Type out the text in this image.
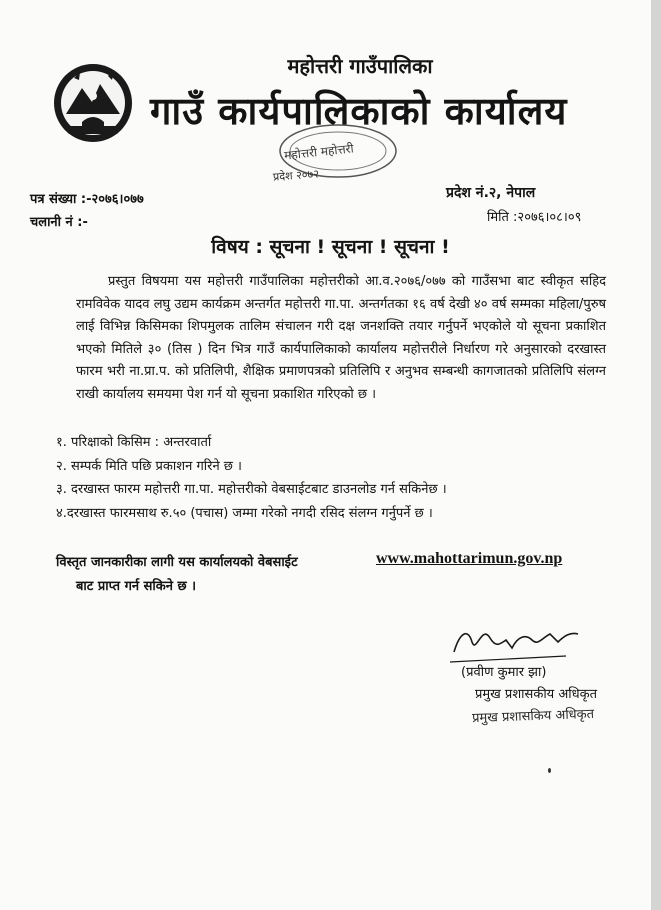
महोत्तरी गाउँपालिका
गाउँ कार्यपालिकाको कार्यालय
महोत्तरी महोत्तरी
प्रदेश २०७२
पत्र संख्या :-२०७६।०७७
चलानी नं :-
प्रदेश नं.२, नेपाल
मिति :२०७६।०८।०९
विषय : सूचना ! सूचना ! सूचना !
प्रस्तुत विषयमा यस महोत्तरी गाउँपालिका महोत्तरीको आ.व.२०७६/०७७ को गाउँसभा बाट स्वीकृत सहिद रामविवेक यादव लघु उद्यम कार्यक्रम अन्तर्गत महोत्तरी गा.पा. अन्तर्गतका १६ वर्ष देखी ४० वर्ष सम्मका महिला/पुरुष लाई विभिन्न किसिमका शिपमुलक तालिम संचालन गरी दक्ष जनशक्ति तयार गर्नुपर्ने भएकोले यो सूचना प्रकाशित भएको मितिले ३० (तिस ) दिन भित्र गाउँ कार्यपालिकाको कार्यालय महोत्तरीले निर्धारण गरे अनुसारको दरखास्त फारम भरी ना.प्रा.प. को प्रतिलिपी, शैक्षिक प्रमाणपत्रको प्रतिलिपि र अनुभव सम्बन्धी कागजातको प्रतिलिपि संलग्न राखी कार्यालय समयमा पेश गर्न यो सूचना प्रकाशित गरिएको छ ।
१. परिक्षाको किसिम : अन्तरवार्ता
२. सम्पर्क मिति पछि प्रकाशन गरिने छ ।
३. दरखास्त फारम महोत्तरी गा.पा. महोत्तरीको वेबसाईटबाट डाउनलोड गर्न सकिनेछ ।
४.दरखास्त फारमसाथ रु.५० (पचास) जम्मा गरेको नगदी रसिद संलग्न गर्नुपर्ने छ ।
विस्तृत जानकारीका लागी यस कार्यालयको वेबसाईट	www.mahottarimun.gov.np
बाट प्राप्त गर्न सकिने छ ।
(प्रवीण कुमार झा)
प्रमुख प्रशासकीय अधिकृत
प्रमुख प्रशासकिय अधिकृत
